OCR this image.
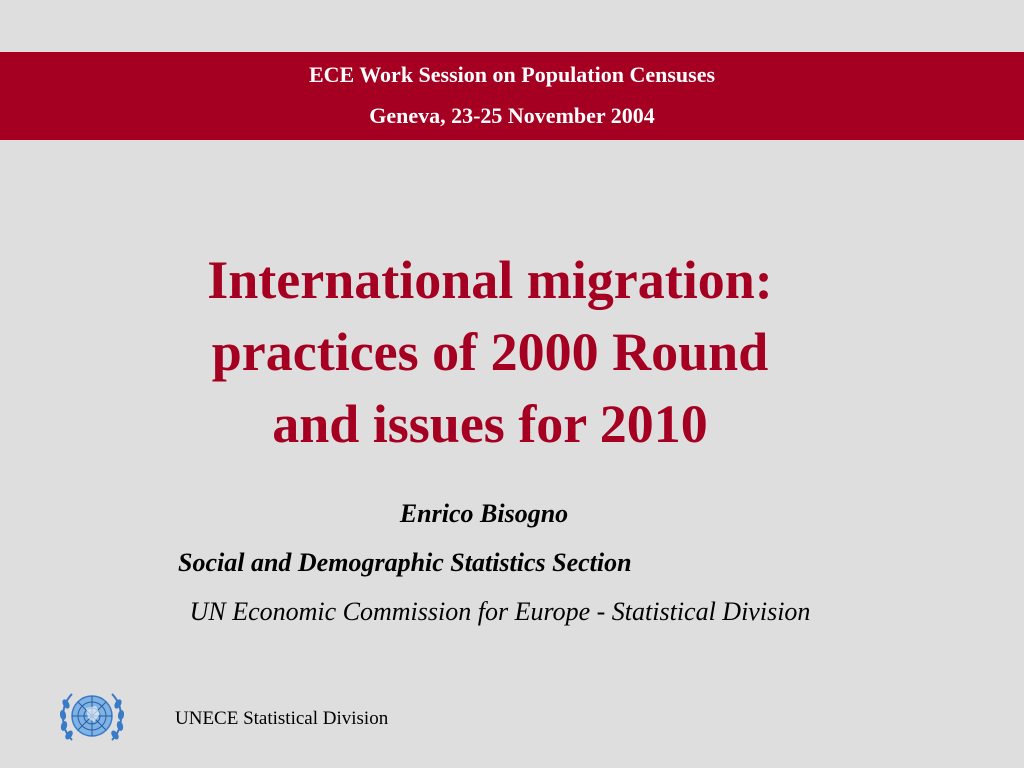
ECE Work Session on Population Censuses
Geneva, 23-25 November 2004
International migration:
practices of 2000 Round
and issues for 2010
Enrico Bisogno
Social and Demographic Statistics Section
UN Economic Commission for Europe - Statistical Division
UNECE Statistical Division
